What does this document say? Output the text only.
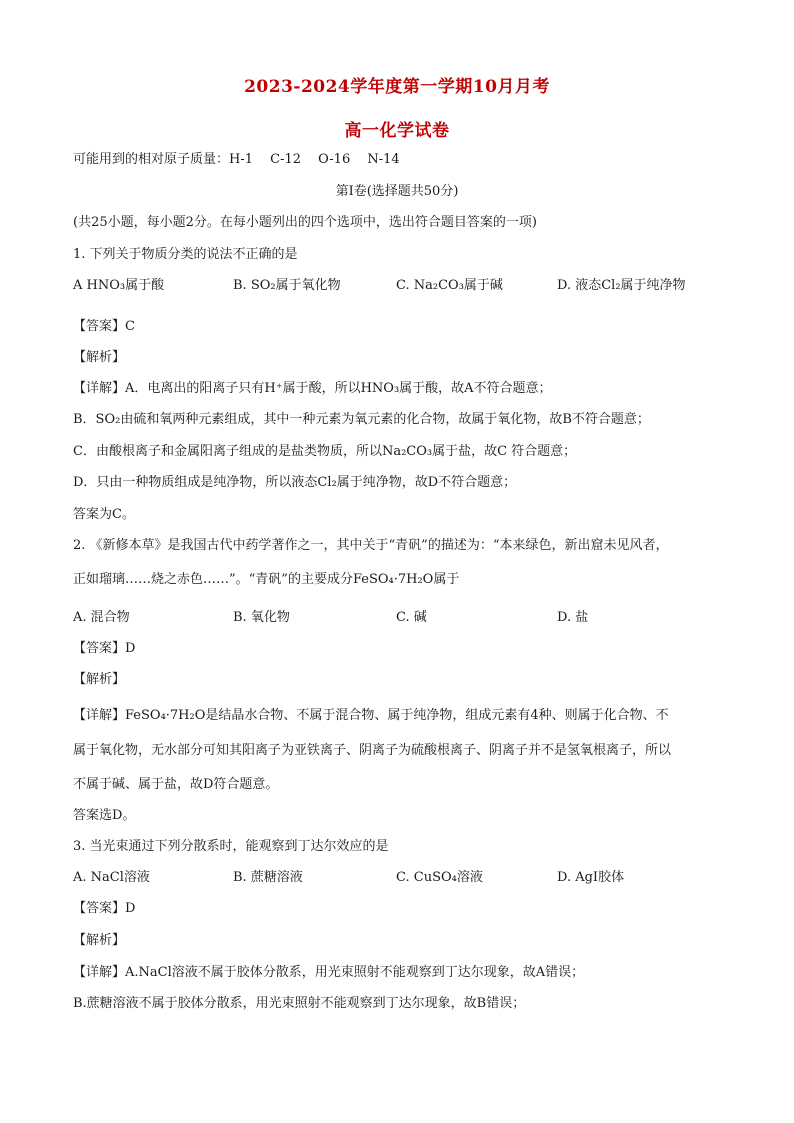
2023-2024学年度第一学期10月月考
高一化学试卷
可能用到的相对原子质量：H-1　 C-12　 O-16　 N-14
第Ⅰ卷(选择题共50分)
(共25小题，每小题2分。在每小题列出的四个选项中，选出符合题目答案的一项)
1. 下列关于物质分类的说法不正确的是
A HNO₃属于酸	B. SO₂属于氧化物	C. Na₂CO₃属于碱	D. 液态Cl₂属于纯净物
【答案】C
【解析】
【详解】A．电离出的阳离子只有H⁺属于酸，所以HNO₃属于酸，故A不符合题意；
B．SO₂由硫和氧两种元素组成，其中一种元素为氧元素的化合物，故属于氧化物，故B不符合题意；
C．由酸根离子和金属阳离子组成的是盐类物质，所以Na₂CO₃属于盐，故C 符合题意；
D．只由一种物质组成是纯净物，所以液态Cl₂属于纯净物，故D不符合题意；
答案为C。
2. 《新修本草》是我国古代中药学著作之一，其中关于“青矾”的描述为：“本来绿色，新出窟未见风者，
正如瑠璃……烧之赤色……”。“青矾”的主要成分FeSO₄·7H₂O属于
A. 混合物	B. 氧化物	C. 碱	D. 盐
【答案】D
【解析】
【详解】FeSO₄·7H₂O是结晶水合物、不属于混合物、属于纯净物，组成元素有4种、则属于化合物、不
属于氧化物，无水部分可知其阳离子为亚铁离子、阴离子为硫酸根离子、阴离子并不是氢氧根离子，所以
不属于碱、属于盐，故D符合题意。
答案选D。
3. 当光束通过下列分散系时，能观察到丁达尔效应的是
A. NaCl溶液	B. 蔗糖溶液	C. CuSO₄溶液	D. AgI胶体
【答案】D
【解析】
【详解】A.NaCl溶液不属于胶体分散系，用光束照射不能观察到丁达尔现象，故A错误；
B.蔗糖溶液不属于胶体分散系，用光束照射不能观察到丁达尔现象，故B错误；
